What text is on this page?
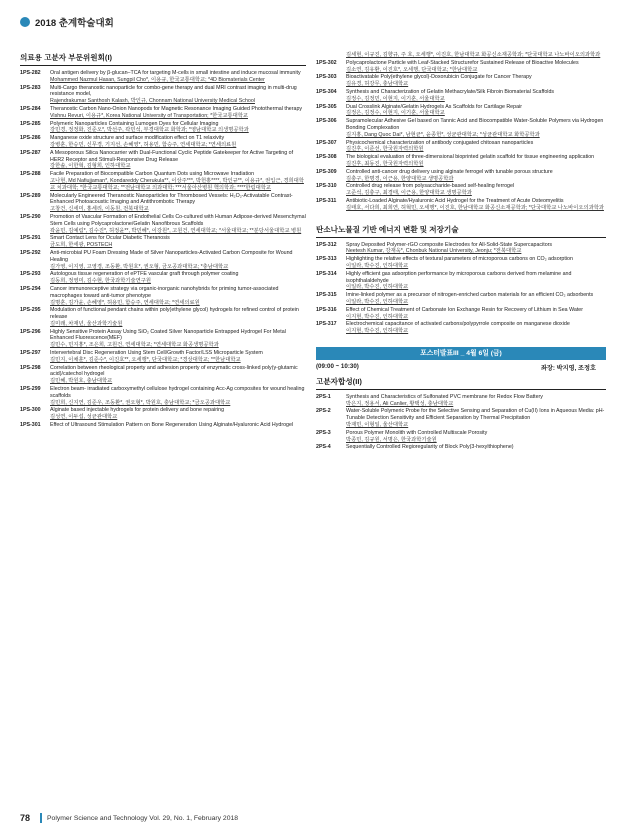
2018 춘계학술대회
의료용 고분자 부문위원회(I)
1PS-282	Oral antigen delivery by β-glucan–TCA for targeting M-cells in small intestine and induce mucosal immunity
Mohammed Nazmul Hasan, Sungpil Cho*, 이용규, 한국교통대학교; *4D Biomaterials Center
1PS-283	Multi-Cargo theranostic nanoparticle for combo-gene therapy and dual MRI contrast imaging in multi-drug resistance model,
Rajendrakumar Santhosh Kalash, 박인규, Chonnam National University Medical School
1PS-284	Theranostic Carbon Nano-Onion Nanopods for Magnetic Resonance Imaging Guided Photothermal therapy
Vishnu Revuri, 이용규*, Korea National University of Transportation; *한국교통대학교
1PS-285	Polymeric Nanoparticles Containing Lumogen Dyes for Cellular Imaging
강민경, 정정화, 진준오*, 박선주, 곽민석, 부경대학교 화학과; *영남대학교 의생명공학과
1PS-286	Manganese oxide structure and surface modification effect on T1 relaxivity
강병훈, 한승민, 신무경, 기지선, 손혜영*, 허용민, 함승주, 연세대학교; *연세의료원
1PS-287	A Mesoporous Silica Nanocarrier with Dual-Functional Cyclic Peptide Gatekeeper for Active Targeting of HER2 Receptor and Stimuli-Responsive Drug Release
강한솔, 이한혁, 김형희, 인하대학교
1PS-288	Facile Preparation of Biocompatible Carbon Quantum Dots using Microwave Irradiation
고나현, Md Nafiujjaman*, Kondareddy Cherukula**, 이상주***, 박헌홍****, 박인규**, 이용규*, 권입근, 경희대학교 치과대학; *한국교통대학교; **전남대학교 의과대학; ***서울아산병원 핵의학과; ****한림대학교
1PS-289	Molecularly Engineered Theranostic Nanoparticles for Thrombosed Vessels: H₂O₂-Activatable Contrast-Enhanced Photoacoustic Imaging and Antithrombotic Therapy
고창건, 신세미, 홍세리, 이동원, 전북대학교
1PS-290	Promotion of Vascular Formation of Endothelial Cells Co-cultured with Human Adipose-derived Mesenchymal Stem Cells using Polycaprolactone/Gelatin Nanofibrous Scaffolds
곽윤민, 김예림*, 김수진*, 허정윤**, 박민혜*, 이강원*, 고원건, 연세대학교; *서울대학교; **분당서울대학교 병원
1PS-291	Smart Contact Lens for Ocular Diabetic Theranosis
금도희, 한세광, POSTECH
1PS-292	Anti-microbial PU Foam Dressing Made of Silver Nanoparticles-Activated Carbon Composite for Wound Healing
김가영, 이지영, 고영경, 조동환, 박원호*, 권오형, 금오공과대학교; *충남대학교
1PS-293	Autologous tissue regeneration of ePTFE vascular graft through polymer coating
김동희, 정영미, 김수현, 한국과학기술연구원
1PS-294	Cancer immunoreceptive strategy via organic-inorganic nanohybrids for priming tumor-associated macrophages toward anti-tumor phenotype
김명훈, 김가윤, 손혜영*, 허용민, 함승주, 연세대학교; *연세의료원
1PS-295	Modulation of functional pendant chains within poly(ethylene glycol) hydrogels for refined control of protein release
김미래, 차재년, 울산과학기술원
1PS-296	Highly Sensitive Protein Assay Using SiO₂ Coated Silver Nanoparticle Entrapped Hydrogel For Metal Enhanced Fluorescence(MEF)
김민수, 민지홍*, 조은희, 고원건, 연세대학교; *연세대학교 화공생명공학과
1PS-297	Intervertebral Disc Regeneration Using Stem Cell/Growth Factor/LSS Microparticle System
김민지, 이채훈*, 김준수*, 이진호**, 오세행*, 단국대학교; *경상대학교; **한남대학교
1PS-298	Correlation between rheological property and adhesion property of enzymatic cross-linked poly(γ-glutamic acid)/catechol hydrogel
김민혜, 박원호, 충남대학교
1PS-299	Electron beam- irradiated carboxymethyl cellulose hydrogel containing Acc-Ag composites for wound healing scaffolds
김민희, 신지연, 김준우, 조동환*, 권오형*, 박원호, 충남대학교; *금오공과대학교
1PS-300	Alginate based injectable hydrogels for protein delivery and bone repairing
김성연, 이두섭, 성균관대학교
1PS-301	Effect of Ultrasound Stimulation Pattern on Bone Regeneration Using Alginate/Hyaluronic Acid Hydrogel
김세현, 이규진, 김향규, 주 호, 오세행*, 이진호, 한남대학교 화공신소재공학과; *단국대학교 나노바이오의과학과
1PS-302	Polycaprolactone Particle with Leaf-Stacked Structurefor Sustained Release of Bioactive Molecules
김소연, 김유환, 이진호*, 오세행, 단국대학교; *한남대학교
1PS-303	Bioactivatable Poly(ethylene glycol)-Doxorubicin Conjugate for Cancer Therapy
김유경, 허강무, 충남대학교
1PS-304	Synthesis and Characterization of Gelatin Methacrylate/Silk Fibroin Biomaterial Scaffolds
김정수, 김정민, 이현지, 이기훈, 서울대학교
1PS-305	Dual Crosslink Alginate/Gelatin Hydrogels As Scaffolds for Cartilage Repair
김정은, 김정수, 이현지, 이기훈, 서울대학교
1PS-306	Supramolecular Adhesive Gel based on Tannic Acid and Biocompatible Water-Soluble Polymers via Hydrogen Bonding Complexation
김지홍, Dang Quoc Dai*, 남현균*, 윤종헌*, 성균관대학교; *성균관대학교 화학공학과
1PS-307	Physicochemical characterization of antibody conjugated chitosan nanoparticles
김진후, 이준선, 한국원자력의학원
1PS-308	The biological evaluation of three-dimensional bioprinted gelatin scaffold for tissue engineering application
김진후, 최동진, 한국원자력의학원
1PS-309	Controlled anti-cancer drug delivery using alginate ferrogel with tunable porous structure
김충구, 한명경, 이근용, 한양대학교 생명공학과
1PS-310	Controlled drug release from polysaccharide-based self-healing ferrogel
고준석, 김충구, 최경태, 이근용, 한양대학교 생명공학과
1PS-311	Antibiotic-Loaded Alginate/Hyaluronic Acid Hydrogel for the Treatment of Acute Osteomyelitis
김태호, 서다희, 최희연, 허혁민, 오세행*, 이진호, 한남대학교 화공신소재공학과; *단국대학교 나노바이오의과학과
탄소나노물질 기반 에너지 변환 및 저장기술
1PS-312	Spray Deposited Polymer-rGO composite Electrodes for All-Solid-State Supercapacitors
Neetesh Kumar, 강재욱*, Chonbuk National University, Jeonju; *전북대학교
1PS-313	Highlighting the relative effects of textural parameters of microporous carbons on CO₂ adsorption
이일라, 박수진, 인하대학교
1PS-314	Highly efficient gas adsorption performance by microporous carbons derived from melamine and isophthalaldehyde
이일라, 박수진, 인하대학교
1PS-315	Imine-linked polymer as a precursor of nitrogen-enriched carbon materials for an efficient CO₂ adsorbents
이일라, 박수진, 인하대학교
1PS-316	Effect of Chemical Treatment of Carbonate Ion Exchange Resin for Recovery of Lithium in Sea Water
이지현, 박수진, 인하대학교
1PS-317	Electrochemical capacitance of activated carbons/polypyrrole composite on manganese dioxide
이지현, 박수진, 인하대학교
포스터발표III _ 4월 6일 (금)
(09:00 ~ 10:30)	좌장: 박지영, 조정호
고분자합성(II)
2PS-1	Synthesis and Characteristics of Sulfonated PVC membrane for Redox Flow Battery
박은지, 정용서, Ali Canlier, 황택성, 충남대학교
2PS-2	Water-Soluble Polymeric Probe for the Selective Sensing and Separation of Cu(II) Ions in Aqueous Media: pH-Tunable Detection Sensitivity and Efficient Separation by Thermal Precipitation
박재민, 이형일, 울산대학교
2PS-3	Porous Polymer Monolith with Controlled Multiscale Porosity
박종민, 김규원, 서명은, 한국과학기술원
2PS-4	Sequentially Controlled Regioregularity of Block Poly(3-hexylthiophene)
78	Polymer Science and Technology Vol. 29, No. 1, February 2018
